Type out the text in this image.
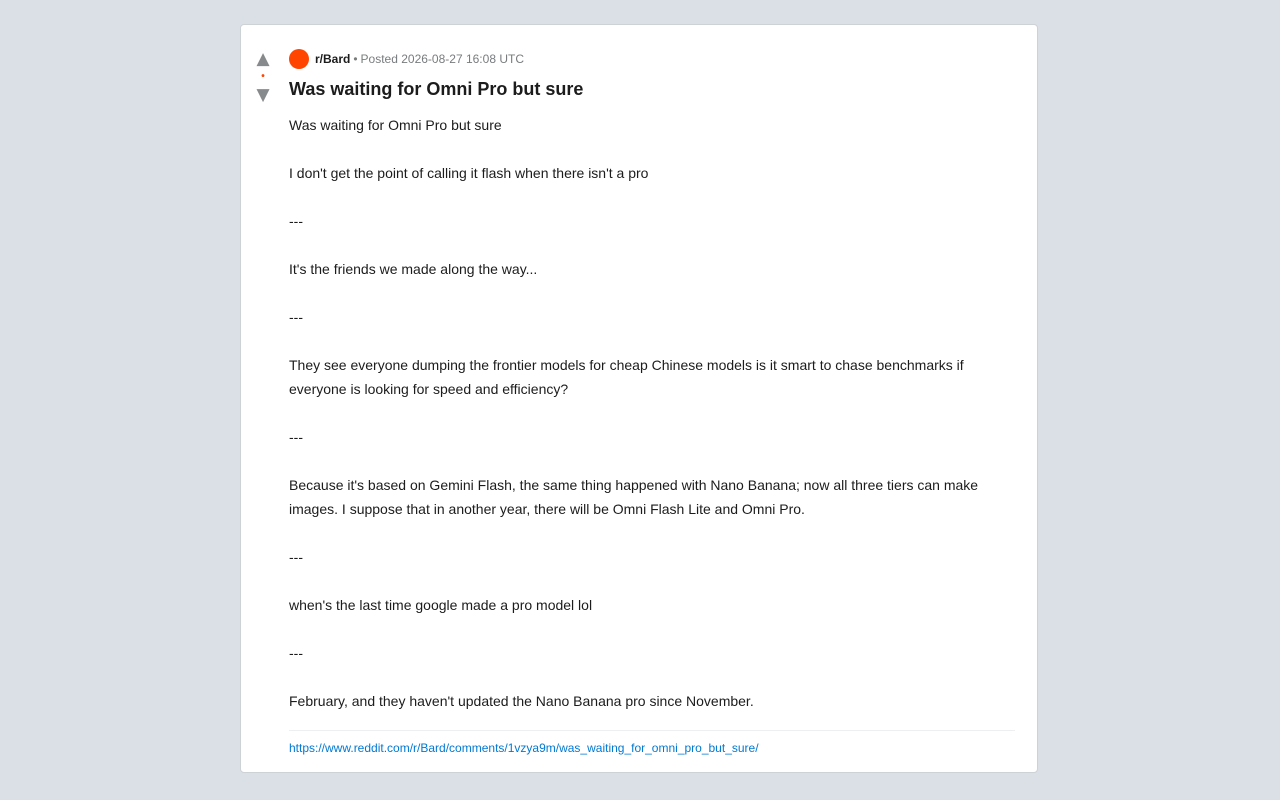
▲
•
▼
r/Bard • Posted 2026-08-27 16:08 UTC
Was waiting for Omni Pro but sure

Was waiting for Omni Pro but sure

I don't get the point of calling it flash when there isn't a pro

---

It's the friends we made along the way...

---

They see everyone dumping the frontier models for cheap Chinese models is it smart to chase benchmarks if everyone is looking for speed and efficiency?

---

Because it's based on Gemini Flash, the same thing happened with Nano Banana; now all three tiers can make images. I suppose that in another year, there will be Omni Flash Lite and Omni Pro.

---

when's the last time google made a pro model lol

---

February, and they haven't updated the Nano Banana pro since November.

https://www.reddit.com/r/Bard/comments/1vzya9m/was_waiting_for_omni_pro_but_sure/
